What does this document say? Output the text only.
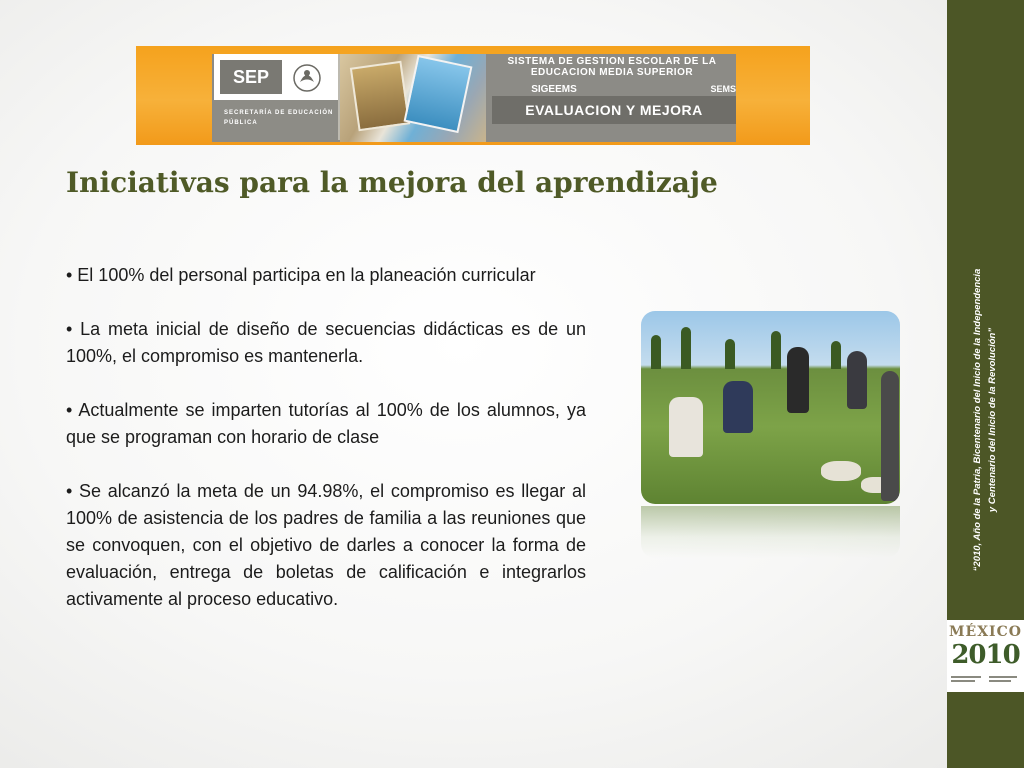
SEP
SECRETARÍA DE EDUCACIÓN PÚBLICA
SISTEMA DE GESTION ESCOLAR DE LA EDUCACION MEDIA SUPERIOR
SIGEEMS	SEMS
EVALUACION Y MEJORA
Iniciativas para la mejora del aprendizaje

• El 100% del personal participa en la planeación curricular

• La meta inicial de diseño de secuencias didácticas es de un 100%, el compromiso es mantenerla.

• Actualmente se imparten tutorías al 100% de los alumnos, ya que se programan con horario de clase

• Se alcanzó la meta de un 94.98%, el compromiso es llegar al 100% de asistencia de los padres de familia a las reuniones que se convoquen, con el objetivo de darles a conocer la forma de evaluación, entrega de boletas de calificación e integrarlos activamente al proceso educativo.

“2010, Año de la Patria, Bicentenario del Inicio de la Independencia y Centenario del Inicio de la Revolución”
MÉXICO
2010
